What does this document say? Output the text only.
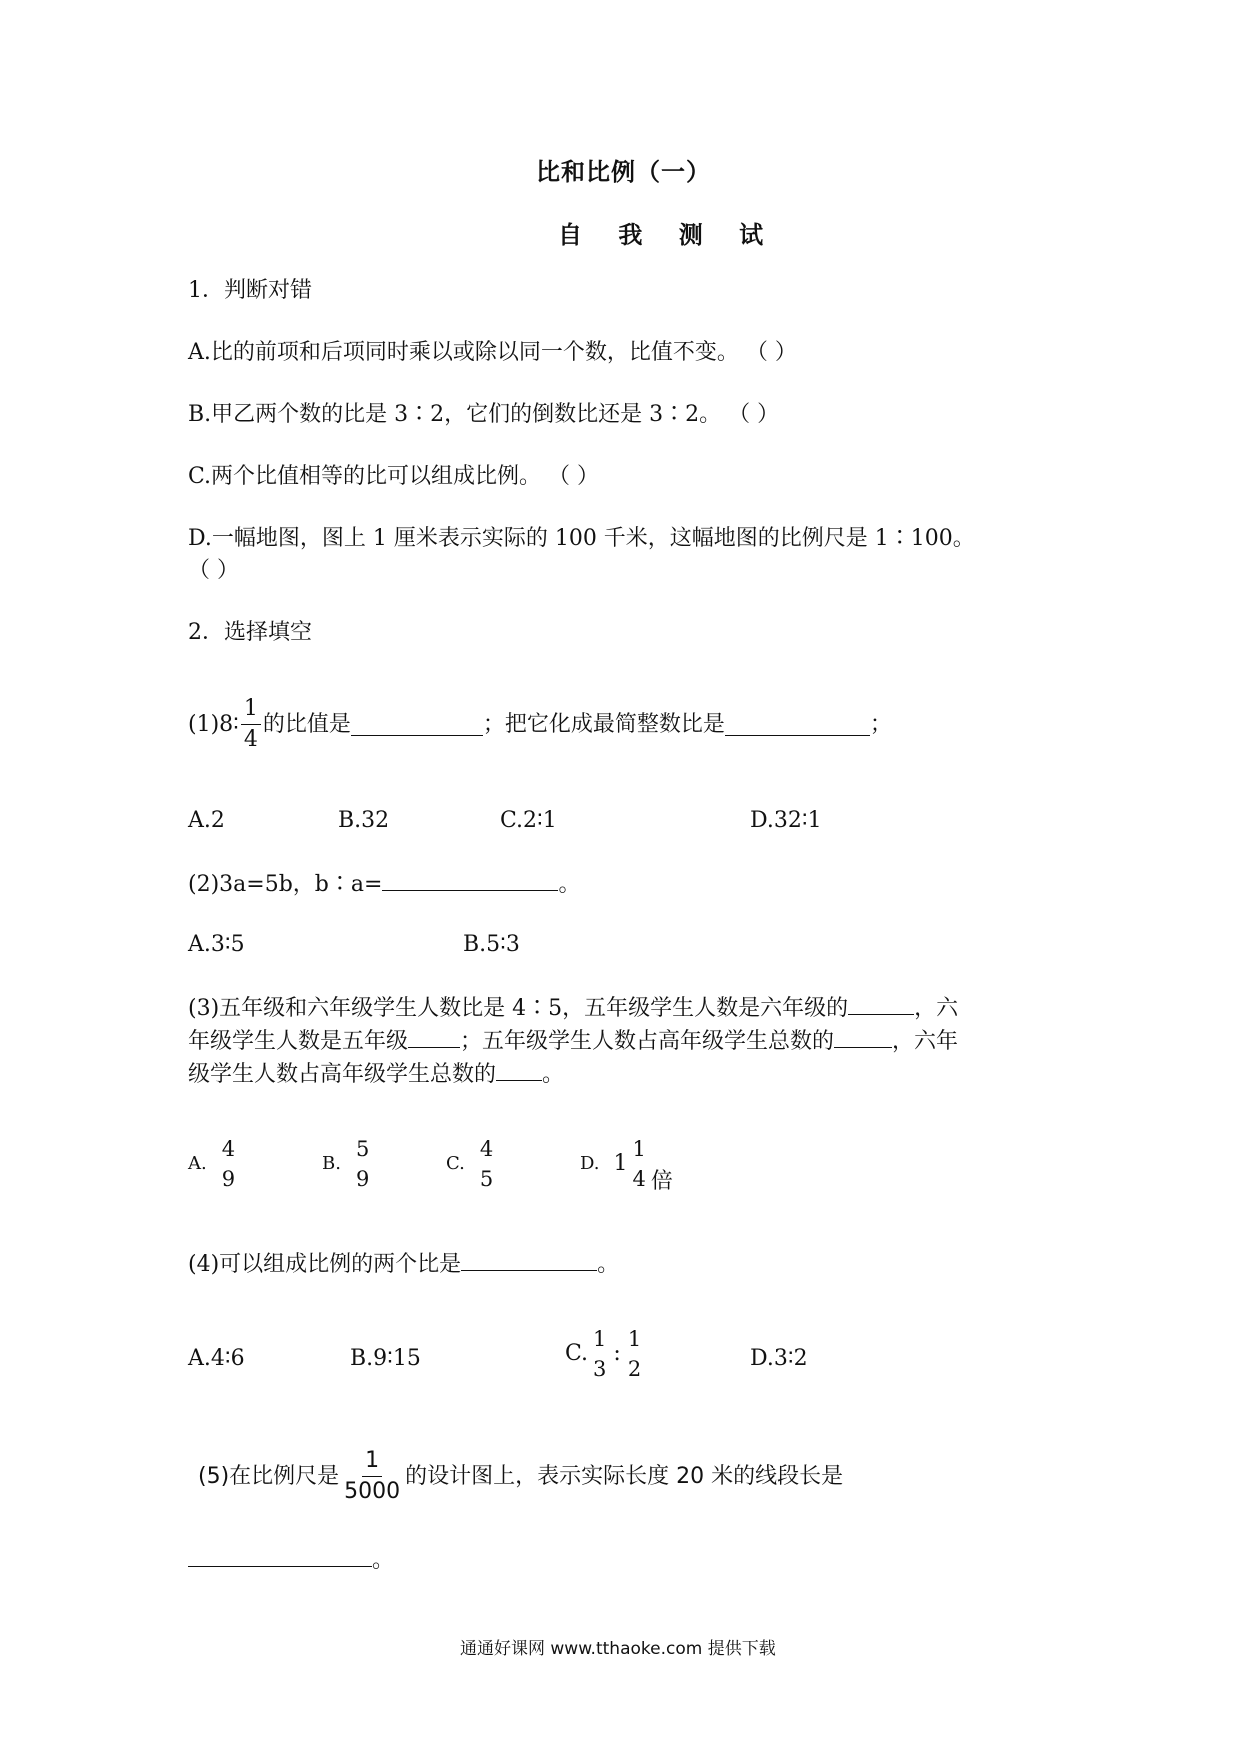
比和比例（一）
自 我 测 试
1．判断对错
A.比的前项和后项同时乘以或除以同一个数，比值不变。 （ ）
B.甲乙两个数的比是 3∶2，它们的倒数比还是 3∶2。 （ ）
C.两个比值相等的比可以组成比例。 （ ）
D.一幅地图，图上 1 厘米表示实际的 100 千米，这幅地图的比例尺是 1∶100。
（ ）
2．选择填空
(1)8∶ $\frac{1}{4}$ 的比值是	；把它化成最简整数比是	；
A.2	B.32	C.2∶1	D.32∶1
(2)3a=5b，b∶a=	。
A.3∶5	B.5∶3
(3)五年级和六年级学生人数比是 4∶5，五年级学生人数是六年级的	，六
年级学生人数是五年级 ；五年级学生人数占高年级学生总数的	，六年
级学生人数占高年级学生总数的 。
A.
4
9
B.
5
9
C.
4
5
D. 1
1
4 倍
(4)可以组成比例的两个比是	。
A.4∶6	B.9∶15	C.
1
3
:
1
2	D.3∶2
(5)在比例尺是 $\frac{1}{5000}$ 的设计图上，表示实际长度 20 米的线段长是
。
通通好课网 www.tthaoke.com 提供下载
